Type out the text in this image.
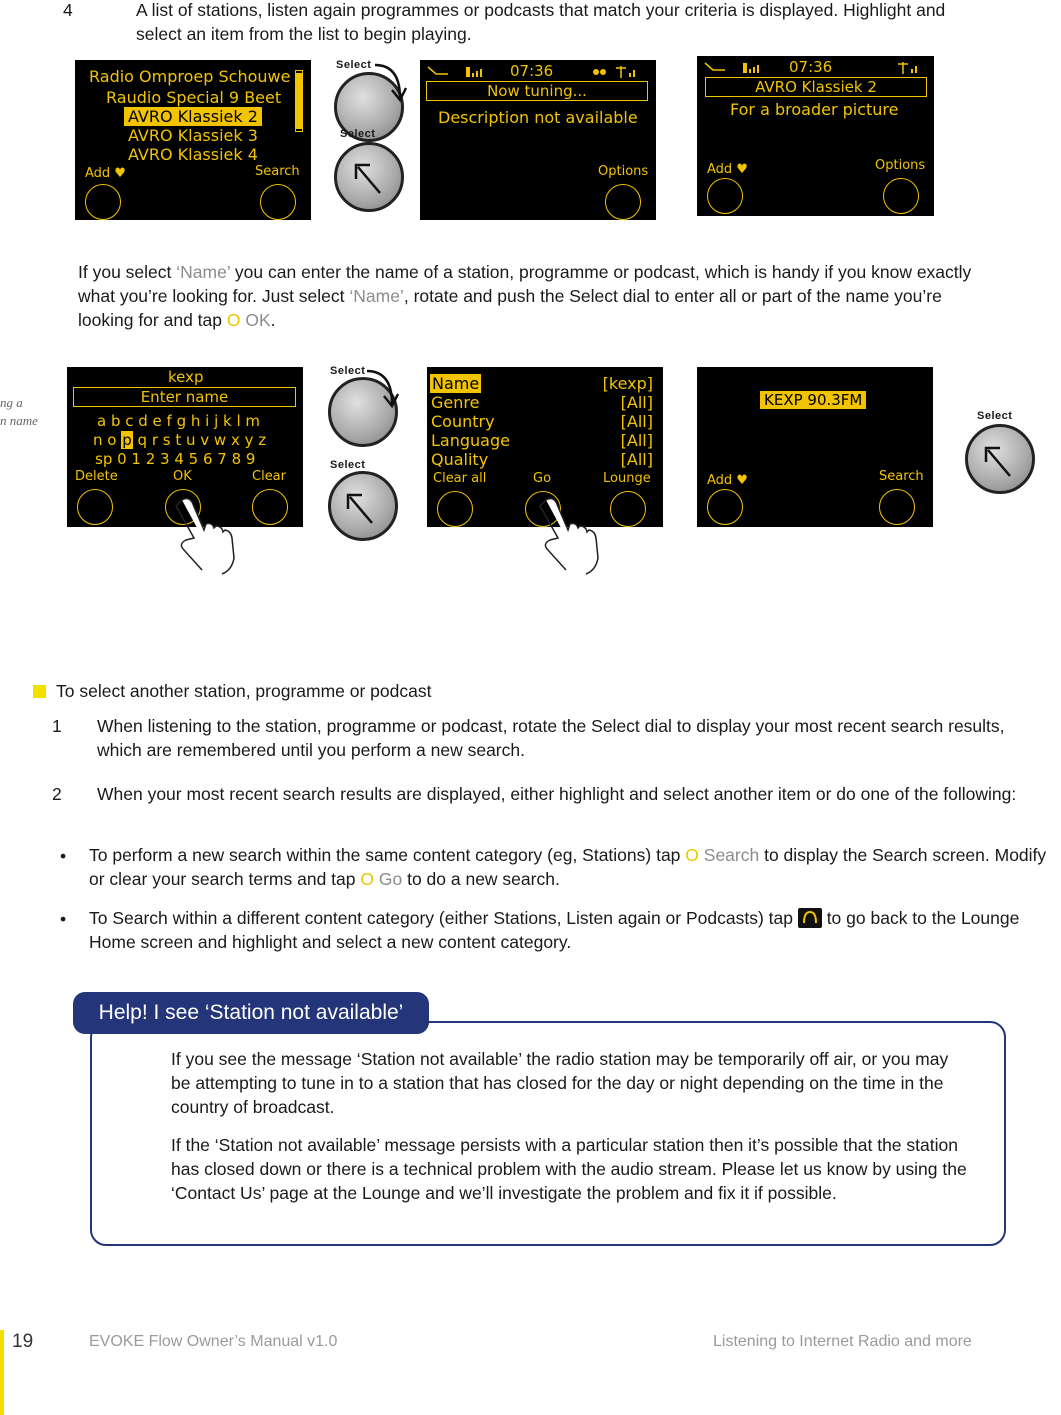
4	A list of stations, listen again programmes or podcasts that match your criteria is displayed. Highlight and select an item from the list to begin playing.
Radio Omproep Schouwe
Raudio Special 9 Beet
AVRO Klassiek 2
AVRO Klassiek 3
AVRO Klassiek 4
Add ♥	Search
Select
Select
07:36
Now tuning...
Description not available
Options
07:36
AVRO Klassiek 2
For a broader picture
Add ♥	Options
If you select ‘Name’ you can enter the name of a station, programme or podcast, which is handy if you know exactly what you’re looking for. Just select ‘Name’, rotate and push the Select dial to enter all or part of the name you’re looking for and tap O OK.
ng a
n name
kexp
Enter name
a b c d e f g h i j k l m
n o p q r s t u v w x y z
sp 0 1 2 3 4 5 6 7 8 9
Delete	OK	Clear
Select
Select
Name	[kexp]
Genre	[All]
Country	[All]
Language	[All]
Quality	[All]
Clear all	Go	Lounge
KEXP 90.3FM
Add ♥	Search
Select
To select another station, programme or podcast
1 When listening to the station, programme or podcast, rotate the Select dial to display your most recent search results, which are remembered until you perform a new search.
2 When your most recent search results are displayed, either highlight and select another item or do one of the following:
• To perform a new search within the same content category (eg, Stations) tap O Search to display the Search screen. Modify or clear your search terms and tap O Go to do a new search.
• To Search within a different content category (either Stations, Listen again or Podcasts) tap
to go back to the Lounge Home screen and highlight and select a new content category.
Help! I see ‘Station not available’
If you see the message ‘Station not available’ the radio station may be temporarily off air, or you may be attempting to tune in to a station that has closed for the day or night depending on the time in the country of broadcast.
If the ‘Station not available’ message persists with a particular station then it’s possible that the station has closed down or there is a technical problem with the audio stream. Please let us know by using the ‘Contact Us’ page at the Lounge and we’ll investigate the problem and fix it if possible.
19	EVOKE Flow Owner’s Manual v1.0	Listening to Internet Radio and more
